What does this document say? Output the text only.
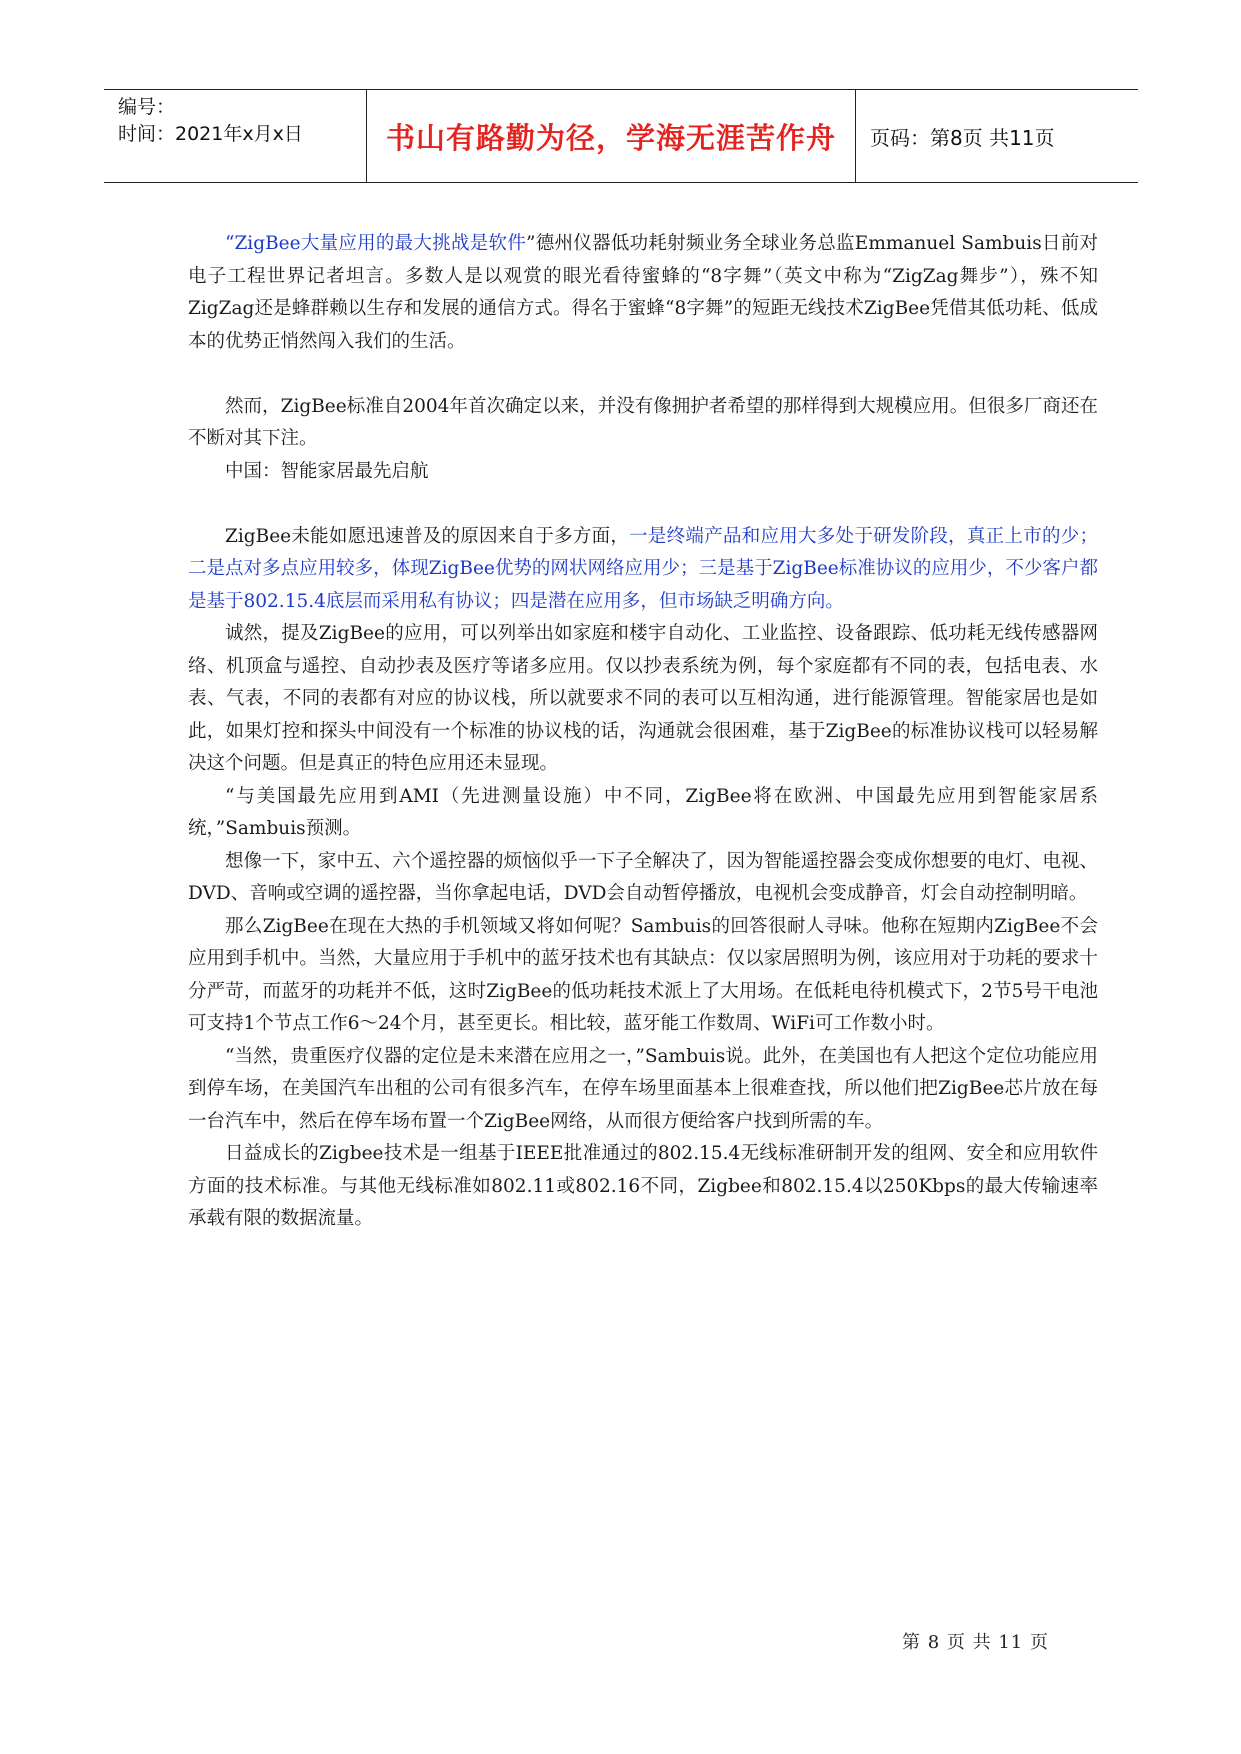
编号：
时间：2021年x月x日	书山有路勤为径，学海无涯苦作舟	页码：第8页 共11页

“ZigBee大量应用的最大挑战是软件”德州仪器低功耗射频业务全球业务总监Emmanuel Sambuis日前对电子工程世界记者坦言。多数人是以观赏的眼光看待蜜蜂的“8字舞”（英文中称为“ZigZag舞步”），殊不知ZigZag还是蜂群赖以生存和发展的通信方式。得名于蜜蜂“8字舞”的短距无线技术ZigBee凭借其低功耗、低成本的优势正悄然闯入我们的生活。

然而，ZigBee标准自2004年首次确定以来，并没有像拥护者希望的那样得到大规模应用。但很多厂商还在不断对其下注。

中国：智能家居最先启航

ZigBee未能如愿迅速普及的原因来自于多方面，一是终端产品和应用大多处于研发阶段，真正上市的少；二是点对多点应用较多，体现ZigBee优势的网状网络应用少；三是基于ZigBee标准协议的应用少，不少客户都是基于802.15.4底层而采用私有协议；四是潜在应用多，但市场缺乏明确方向。

诚然，提及ZigBee的应用，可以列举出如家庭和楼宇自动化、工业监控、设备跟踪、低功耗无线传感器网络、机顶盒与遥控、自动抄表及医疗等诸多应用。仅以抄表系统为例，每个家庭都有不同的表，包括电表、水表、气表，不同的表都有对应的协议栈，所以就要求不同的表可以互相沟通，进行能源管理。智能家居也是如此，如果灯控和探头中间没有一个标准的协议栈的话，沟通就会很困难，基于ZigBee的标准协议栈可以轻易解决这个问题。但是真正的特色应用还未显现。

“与美国最先应用到AMI（先进测量设施）中不同，ZigBee将在欧洲、中国最先应用到智能家居系统，”Sambuis预测。

想像一下，家中五、六个遥控器的烦恼似乎一下子全解决了，因为智能遥控器会变成你想要的电灯、电视、DVD、音响或空调的遥控器，当你拿起电话，DVD会自动暂停播放，电视机会变成静音，灯会自动控制明暗。

那么ZigBee在现在大热的手机领域又将如何呢？Sambuis的回答很耐人寻味。他称在短期内ZigBee不会应用到手机中。当然，大量应用于手机中的蓝牙技术也有其缺点：仅以家居照明为例，该应用对于功耗的要求十分严苛，而蓝牙的功耗并不低，这时ZigBee的低功耗技术派上了大用场。在低耗电待机模式下，2节5号干电池可支持1个节点工作6～24个月，甚至更长。相比较，蓝牙能工作数周、WiFi可工作数小时。

“当然，贵重医疗仪器的定位是未来潜在应用之一，”Sambuis说。此外，在美国也有人把这个定位功能应用到停车场，在美国汽车出租的公司有很多汽车，在停车场里面基本上很难查找，所以他们把ZigBee芯片放在每一台汽车中，然后在停车场布置一个ZigBee网络，从而很方便给客户找到所需的车。

日益成长的Zigbee技术是一组基于IEEE批准通过的802.15.4无线标准研制开发的组网、安全和应用软件方面的技术标准。与其他无线标准如802.11或802.16不同，Zigbee和802.15.4以250Kbps的最大传输速率承载有限的数据流量。

第 8 页 共 11 页
